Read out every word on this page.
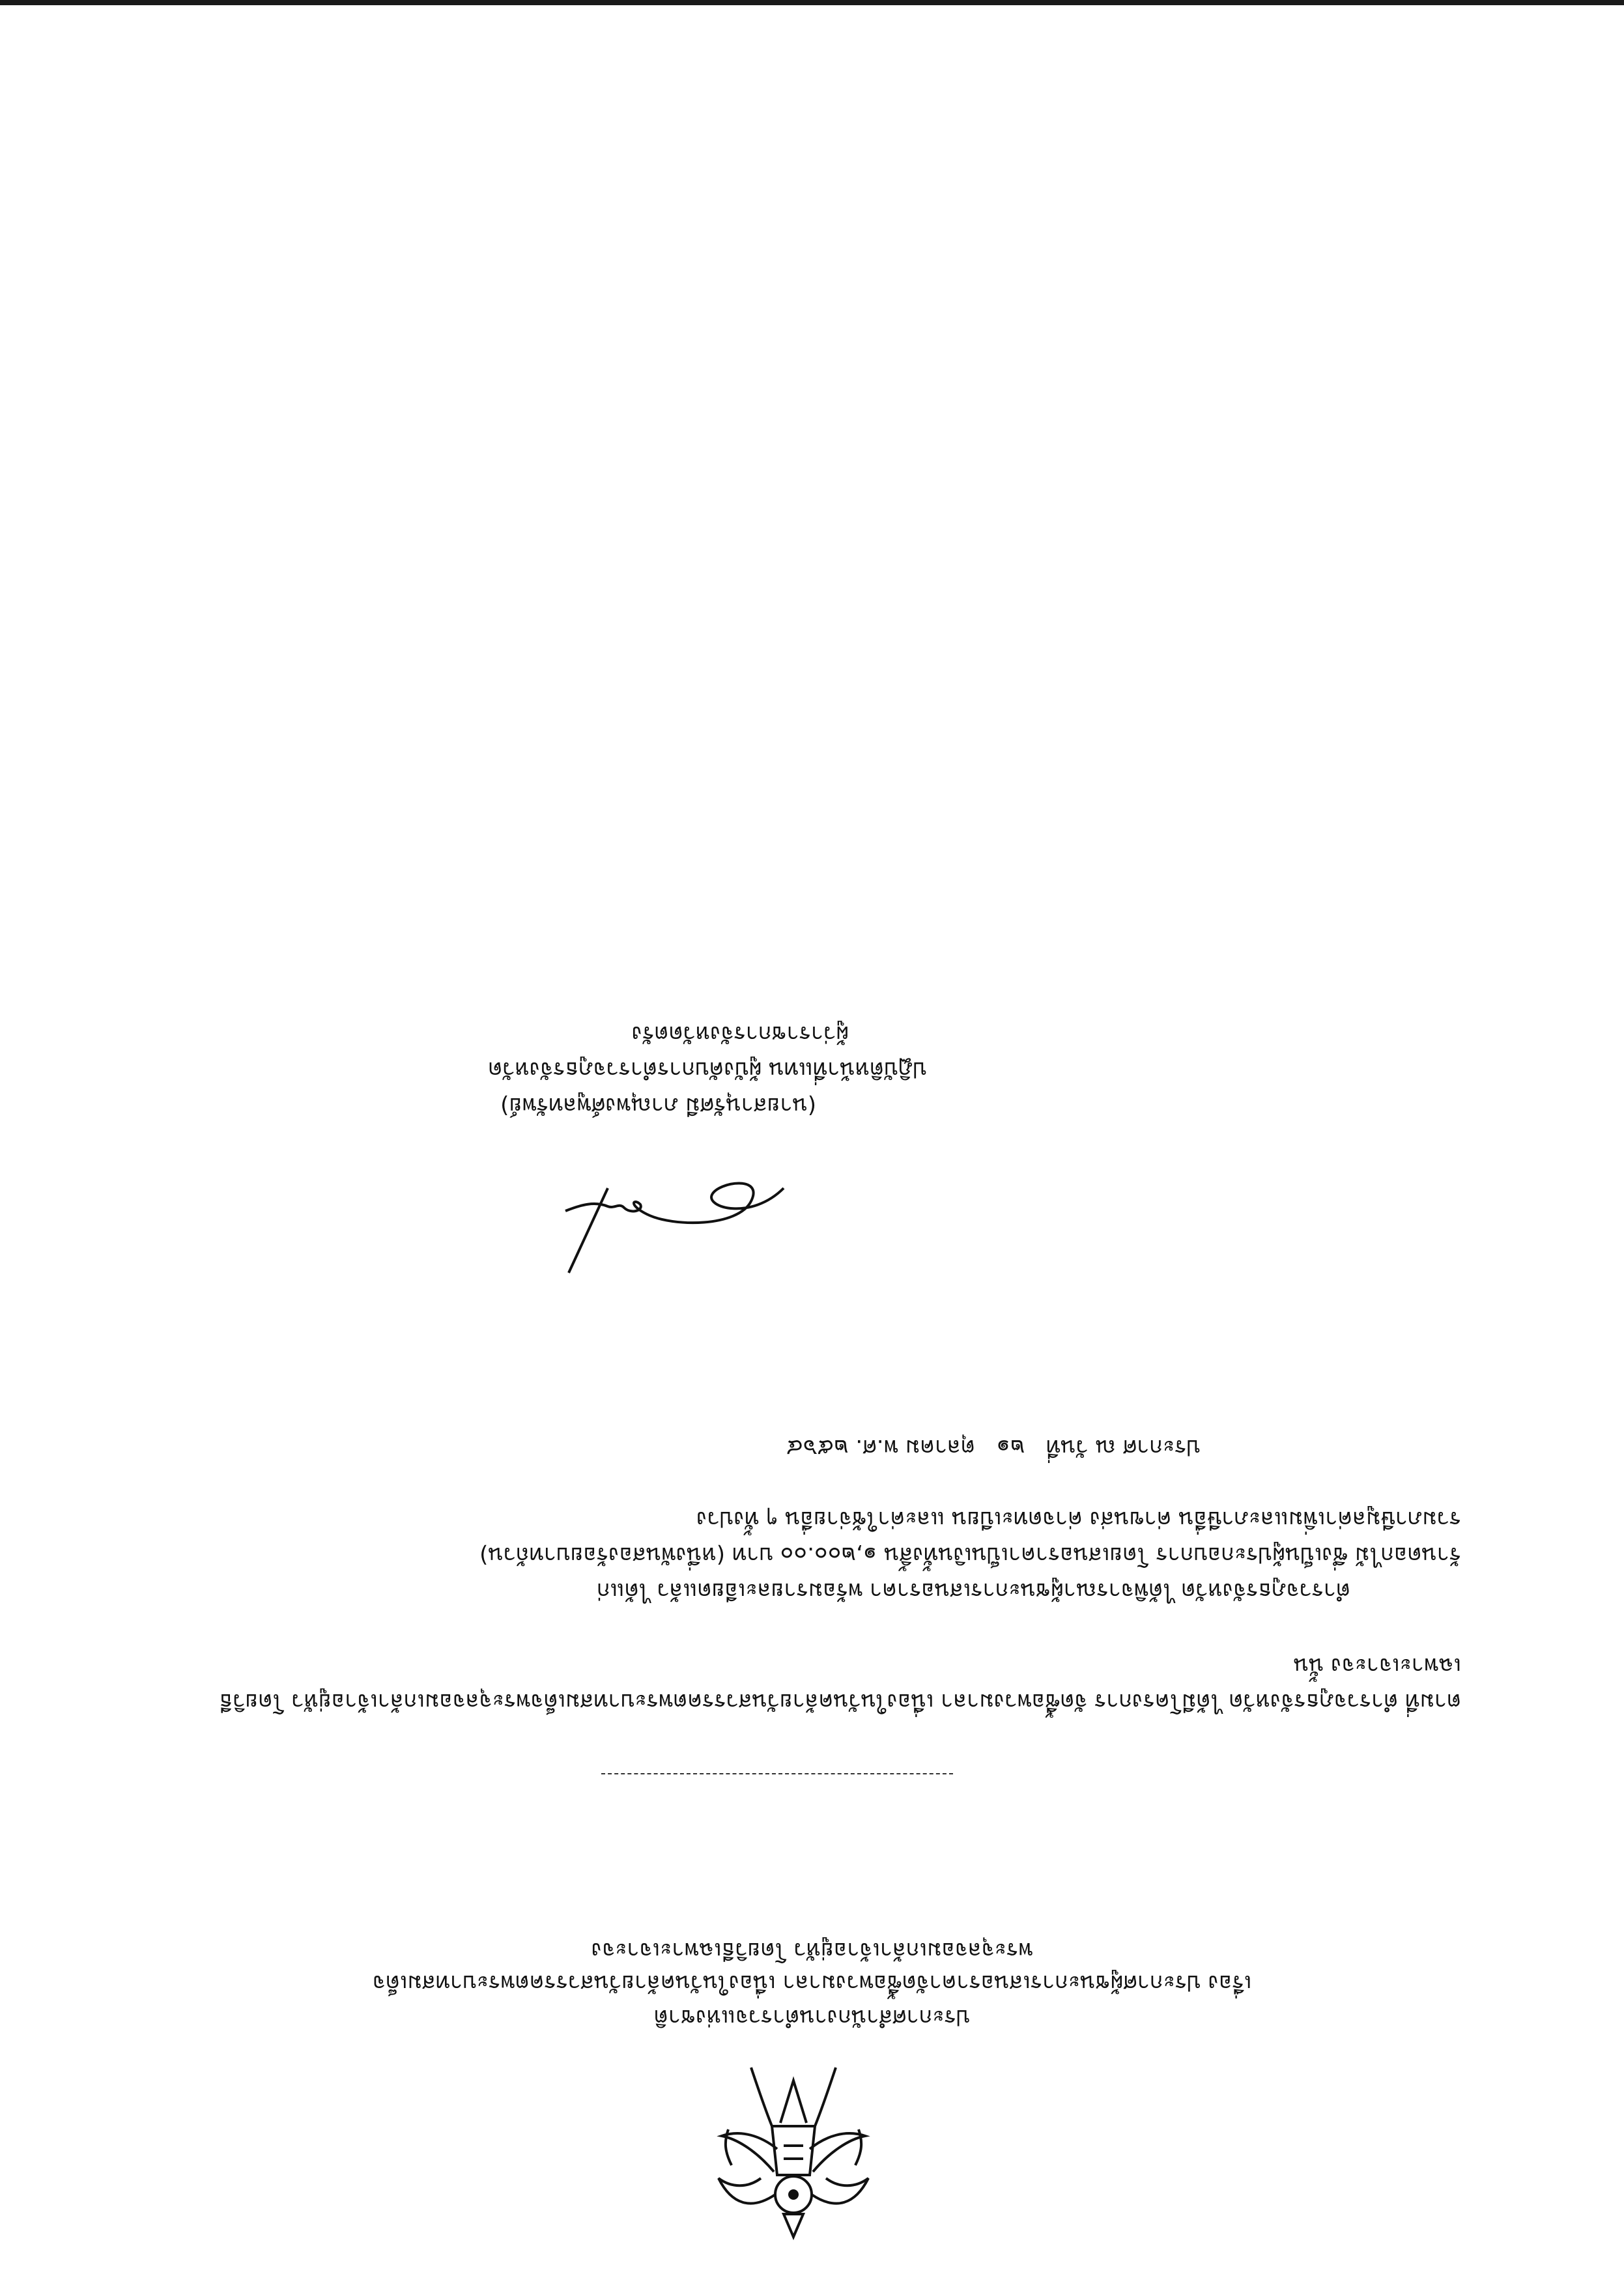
ประกาศสำนักงานตำรวจแห่งชาติ
เรื่อง ประกาศผู้ชนะการเสนอราคาจัดซื้อพวงมาลา เนื่องในวันคล้ายวันสวรรคตพระบาทสมเด็จ
พระจุลจอมเกล้าเจ้าอยู่หัว โดยวิธีเฉพาะเจาะจง
ตามที่ ตำรวจภูธรจังหวัด ได้มีโครงการ จัดซื้อพวงมาลา เนื่องในวันคล้ายวันสวรรคตพระบาทสมเด็จพระจุลจอมเกล้าเจ้าอยู่หัว โดยวิธี
เฉพาะเจาะจง นั้น
ตำรวจภูธรจังหวัด ได้พิจารณาผู้ชนะการเสนอราคา พร้อมรายละเอียดแล้ว ได้แก่
ร้านดอกไม้ ซึ่งเป็นผู้ประกอบการ โดยเสนอราคาเป็นเงินทั้งสิ้น ๑,๒๐๐.๐๐ บาท (หนึ่งพันสองร้อยบาทถ้วน)
รวมภาษีมูลค่าเพิ่มและภาษีอื่น ค่าขนส่ง ค่าจดทะเบียน และค่าใช้จ่ายอื่น ๆ ทั้งปวง
ประกาศ ณ วันที่   ๒๑   ตุลาคม พ.ศ. ๒๕๖๔
(นายสานุรัศมี ภาณุพงศ์พูลทรัพย์)
ปฏิบัติหน้าที่แทน ผู้บังคับการตำรวจภูธรจังหวัด
ผู้ว่าราชการจังหวัดตรัง
